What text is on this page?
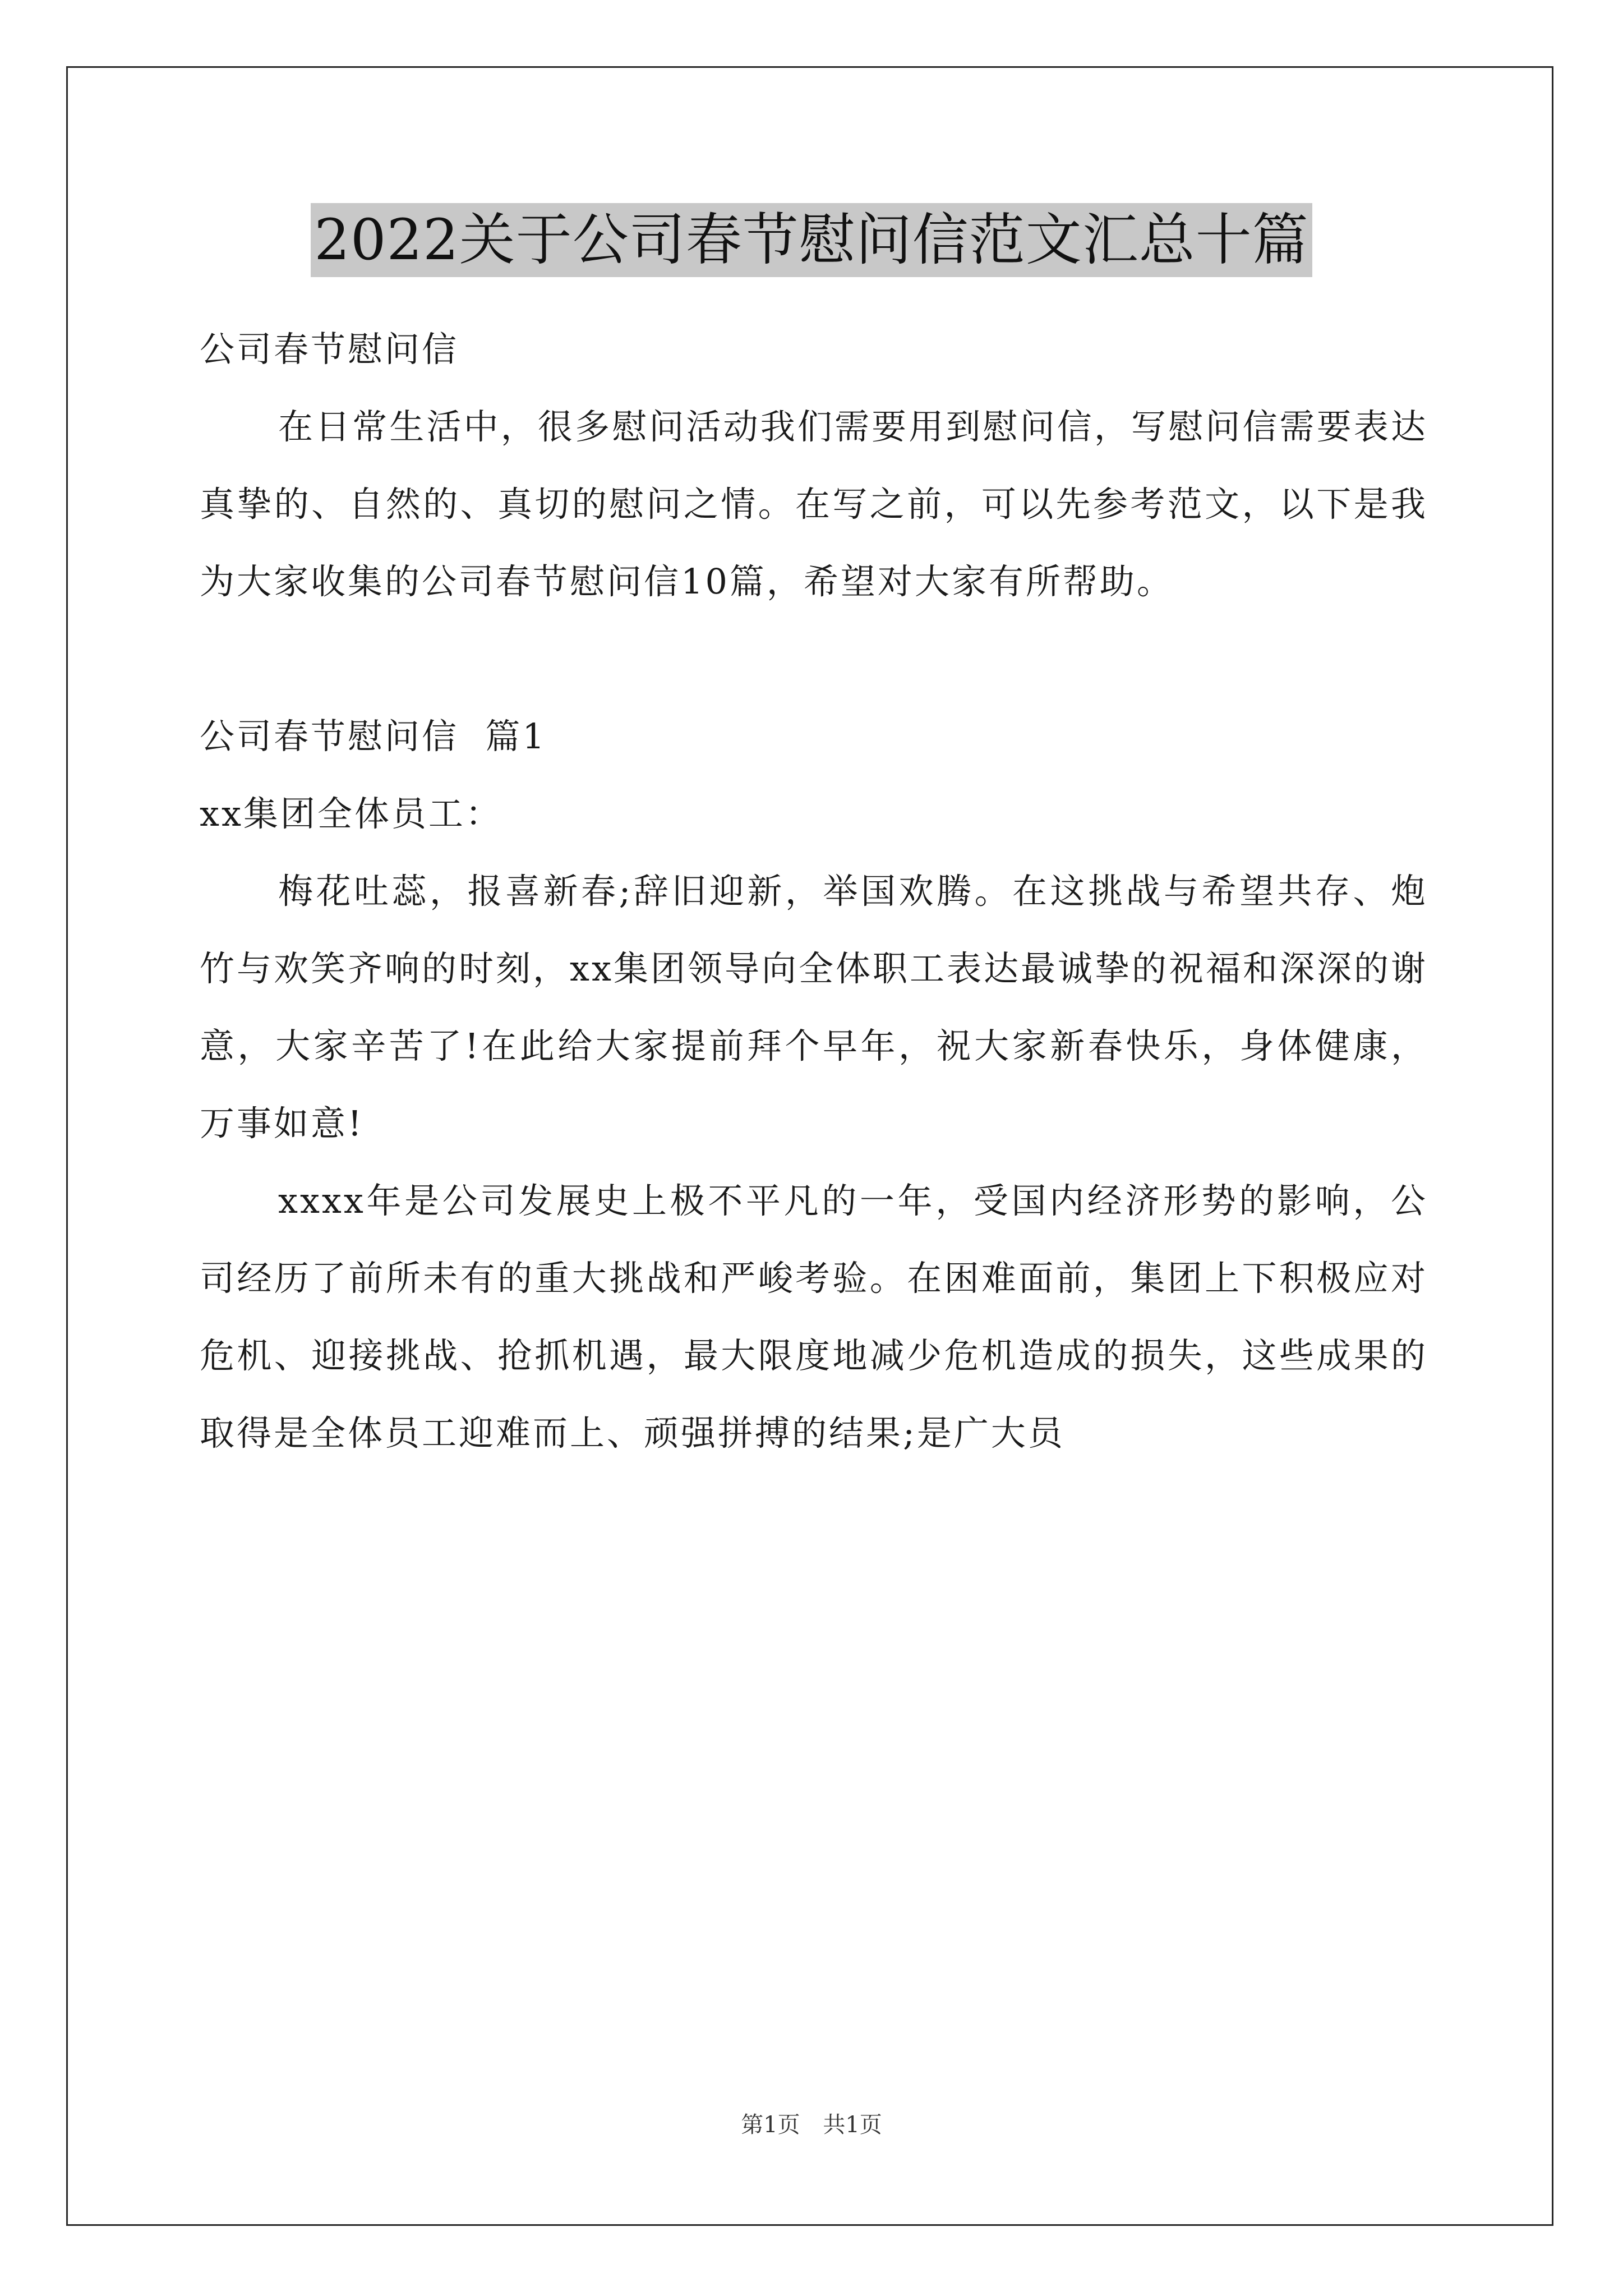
2022关于公司春节慰问信范文汇总十篇

公司春节慰问信

在日常生活中，很多慰问活动我们需要用到慰问信，写慰问信需要表达真挚的、自然的、真切的慰问之情。在写之前，可以先参考范文，以下是我为大家收集的公司春节慰问信10篇，希望对大家有所帮助。

公司春节慰问信  篇1

xx集团全体员工：

梅花吐蕊，报喜新春;辞旧迎新，举国欢腾。在这挑战与希望共存、炮竹与欢笑齐响的时刻，xx集团领导向全体职工表达最诚挚的祝福和深深的谢意，大家辛苦了!在此给大家提前拜个早年，祝大家新春快乐，身体健康，万事如意!

xxxx年是公司发展史上极不平凡的一年，受国内经济形势的影响，公司经历了前所未有的重大挑战和严峻考验。在困难面前，集团上下积极应对危机、迎接挑战、抢抓机遇，最大限度地减少危机造成的损失，这些成果的取得是全体员工迎难而上、顽强拼搏的结果;是广大员

第1页 共1页
